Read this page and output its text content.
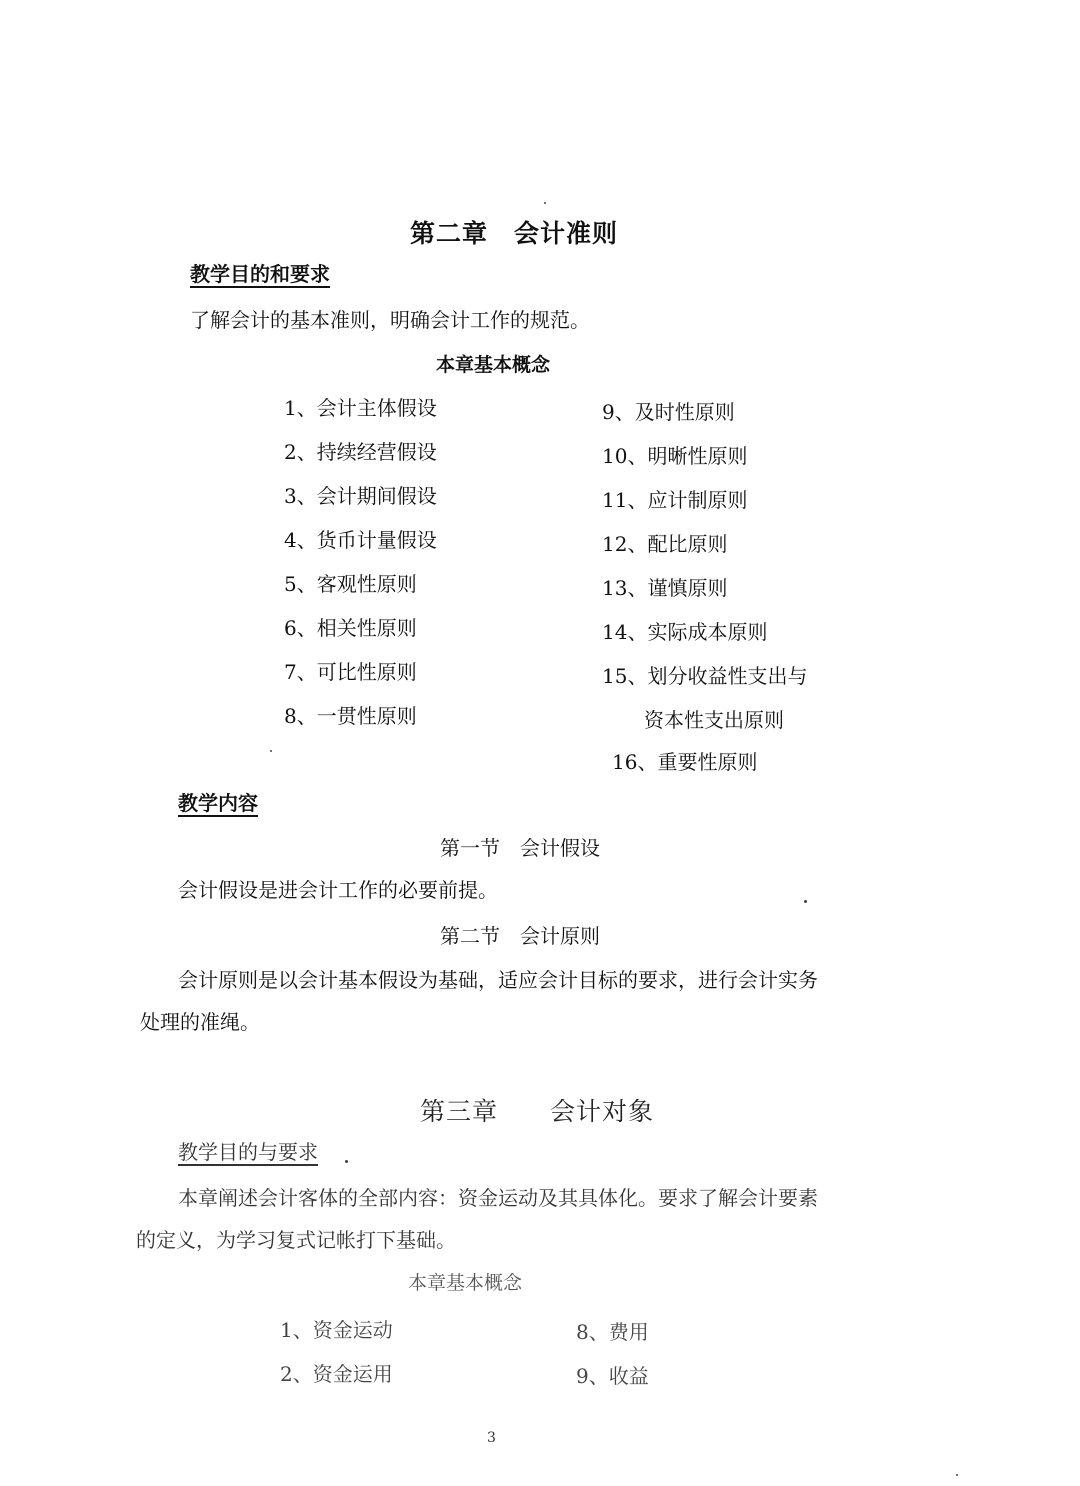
第二章　会计准则
教学目的和要求
了解会计的基本准则，明确会计工作的规范。
本章基本概念
1、会计主体假设
2、持续经营假设
3、会计期间假设
4、货币计量假设
5、客观性原则
6、相关性原则
7、可比性原则
8、一贯性原则
9、及时性原则
10、明晰性原则
11、应计制原则
12、配比原则
13、谨慎原则
14、实际成本原则
15、划分收益性支出与
资本性支出原则
16、重要性原则
教学内容
第一节　会计假设
会计假设是进会计工作的必要前提。
第二节　会计原则
会计原则是以会计基本假设为基础，适应会计目标的要求，进行会计实务
处理的准绳。
第三章　　会计对象
教学目的与要求
本章阐述会计客体的全部内容：资金运动及其具体化。要求了解会计要素
的定义，为学习复式记帐打下基础。
本章基本概念
1、资金运动
2、资金运用
8、费用
9、收益
3
